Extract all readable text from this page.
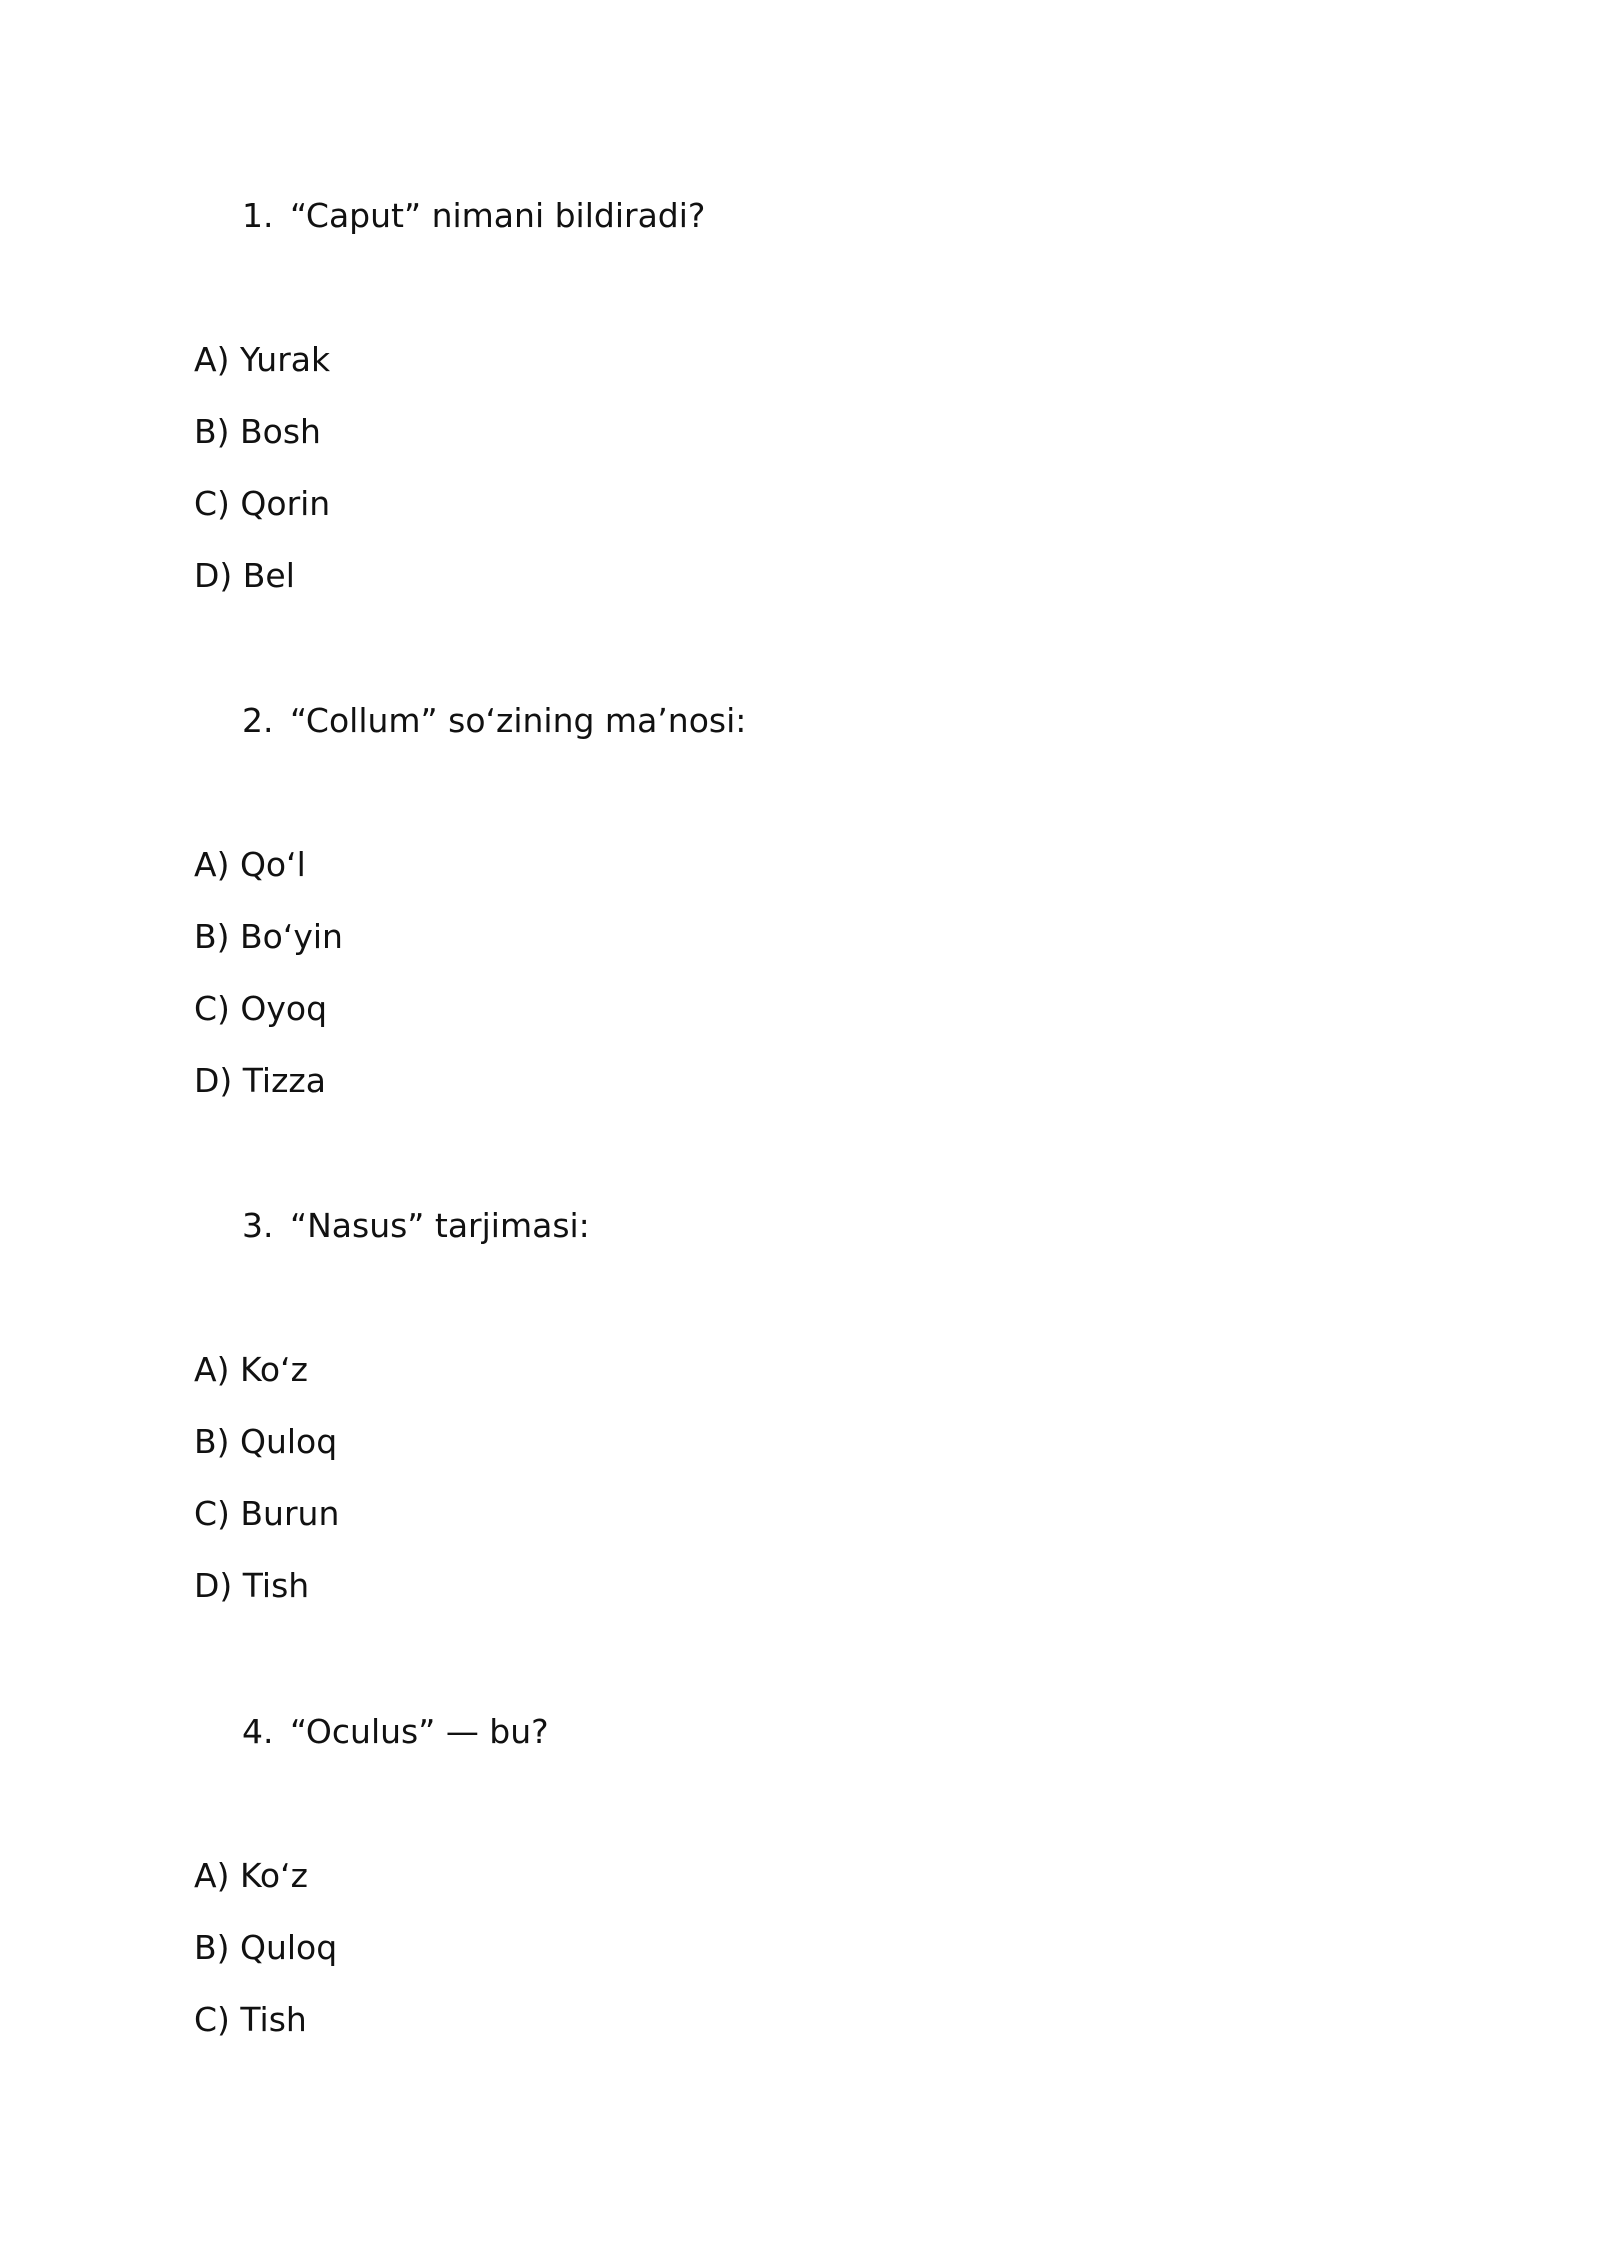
1. “Caput” nimani bildiradi?
A) Yurak
B) Bosh
C) Qorin
D) Bel
2. “Collum” so‘zining ma’nosi:
A) Qo‘l
B) Bo‘yin
C) Oyoq
D) Tizza
3. “Nasus” tarjimasi:
A) Ko‘z
B) Quloq
C) Burun
D) Tish
4. “Oculus” — bu?
A) Ko‘z
B) Quloq
C) Tish
